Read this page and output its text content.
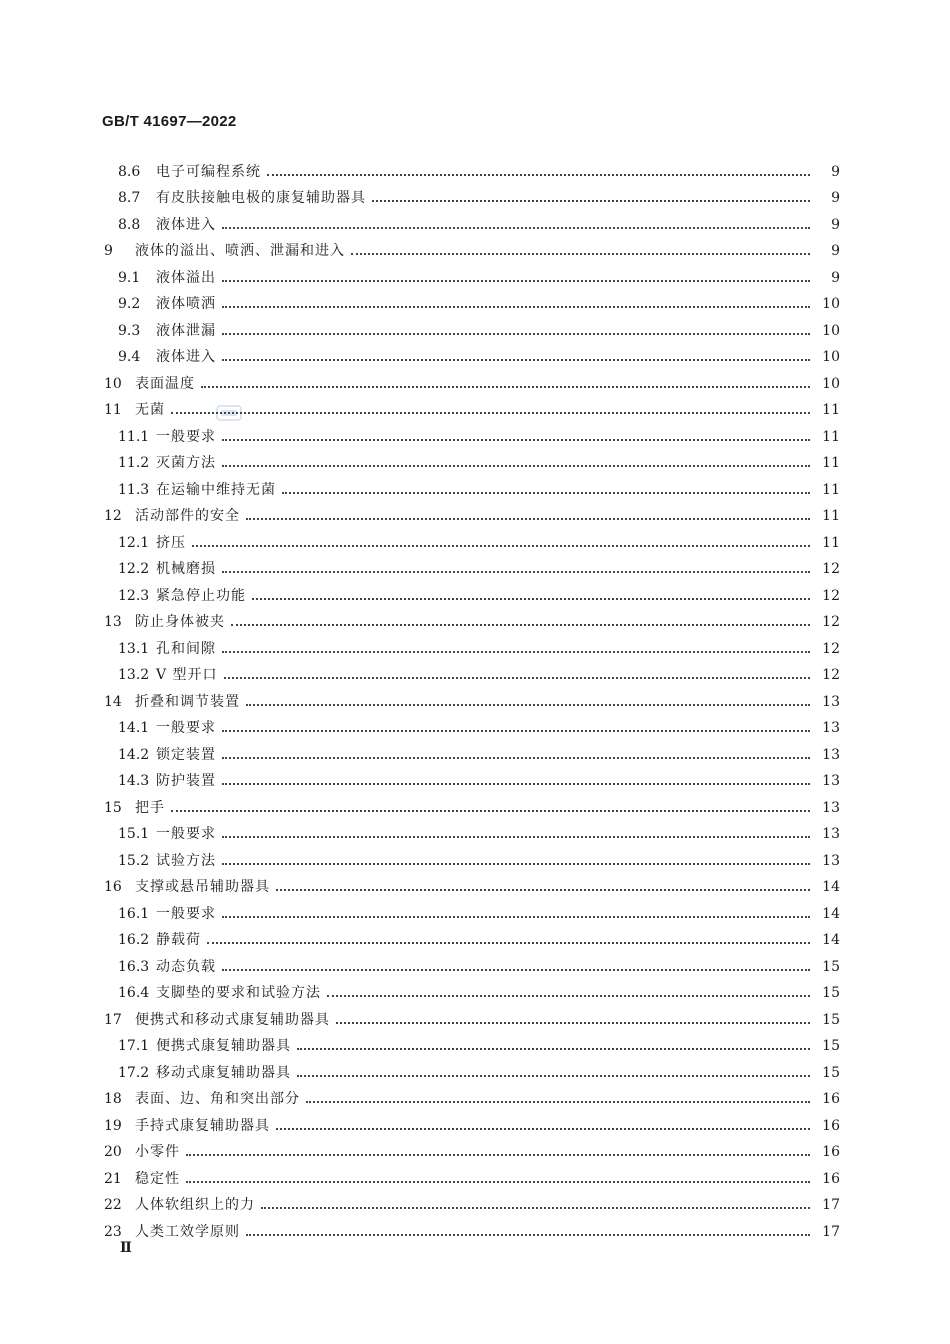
GB/T 41697—2022
8.6	电子可编程系统	9
8.7	有皮肤接触电极的康复辅助器具	9
8.8	液体进入	9
9	液体的溢出、喷洒、泄漏和进入	9
9.1	液体溢出	9
9.2	液体喷洒	10
9.3	液体泄漏	10
9.4	液体进入	10
10 表面温度	10
11 无菌	11
11.1 一般要求	11
11.2 灭菌方法	11
11.3 在运输中维持无菌	11
12 活动部件的安全	11
12.1 挤压	11
12.2 机械磨损	12
12.3 紧急停止功能	12
13 防止身体被夹	12
13.1 孔和间隙	12
13.2 V 型开口	12
14 折叠和调节装置	13
14.1 一般要求	13
14.2 锁定装置	13
14.3 防护装置	13
15 把手	13
15.1 一般要求	13
15.2 试验方法	13
16 支撑或悬吊辅助器具	14
16.1 一般要求	14
16.2 静载荷	14
16.3 动态负载	15
16.4 支脚垫的要求和试验方法	15
17 便携式和移动式康复辅助器具	15
17.1 便携式康复辅助器具	15
17.2 移动式康复辅助器具	15
18 表面、边、角和突出部分	16
19 手持式康复辅助器具	16
20 小零件	16
21 稳定性	16
22 人体软组织上的力	17
23 人类工效学原则	17
Ⅱ
